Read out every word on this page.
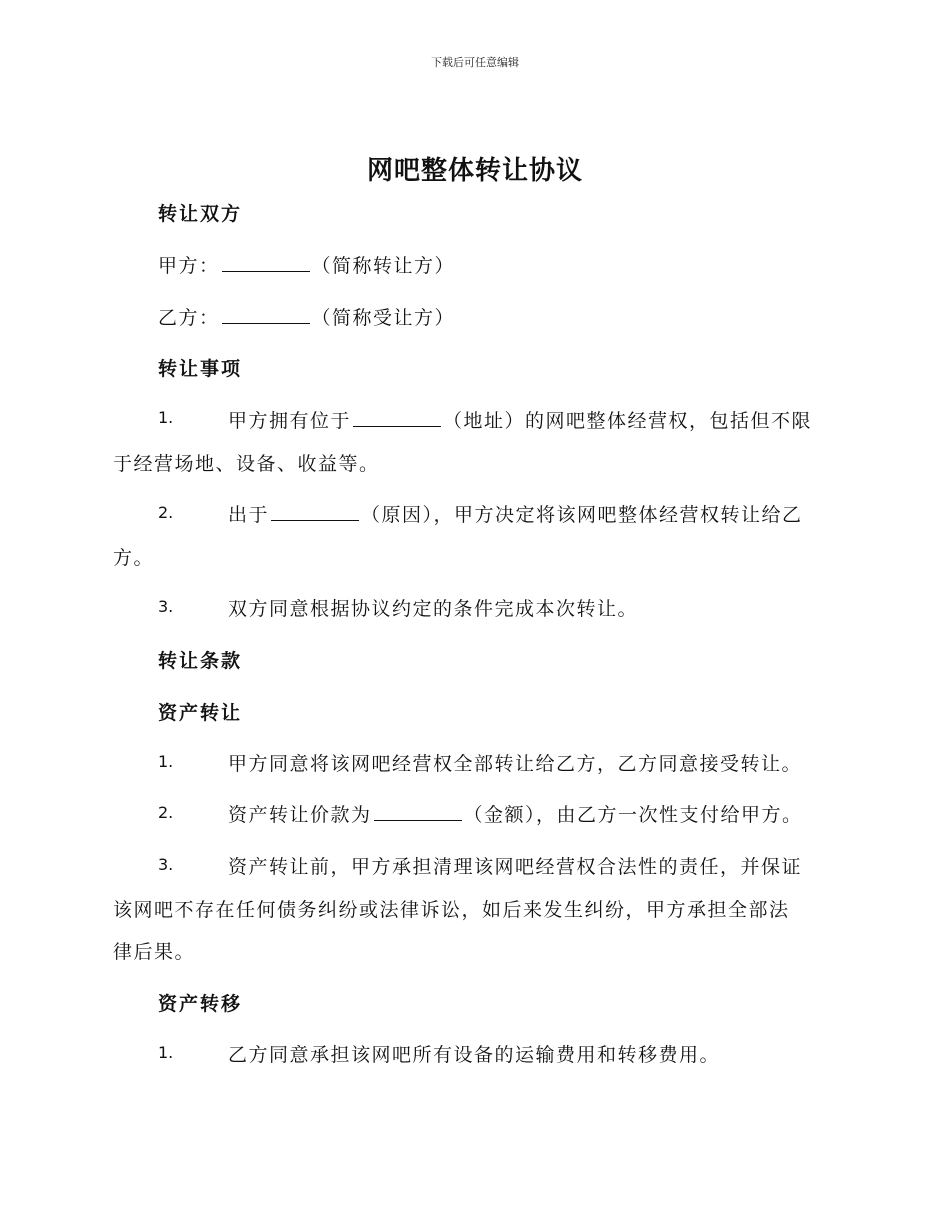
下载后可任意编辑
网吧整体转让协议
转让双方
甲方：	（简称转让方）
乙方：	（简称受让方）
转让事项
1.	甲方拥有位于	（地址）的网吧整体经营权，包括但不限
于经营场地、设备、收益等。
2.	出于	（原因），甲方决定将该网吧整体经营权转让给乙
方。
3.	双方同意根据协议约定的条件完成本次转让。
转让条款
资产转让
1.	甲方同意将该网吧经营权全部转让给乙方，乙方同意接受转让。
2.	资产转让价款为	（金额），由乙方一次性支付给甲方。
3.	资产转让前，甲方承担清理该网吧经营权合法性的责任，并保证
该网吧不存在任何债务纠纷或法律诉讼，如后来发生纠纷，甲方承担全部法
律后果。
资产转移
1.	乙方同意承担该网吧所有设备的运输费用和转移费用。
